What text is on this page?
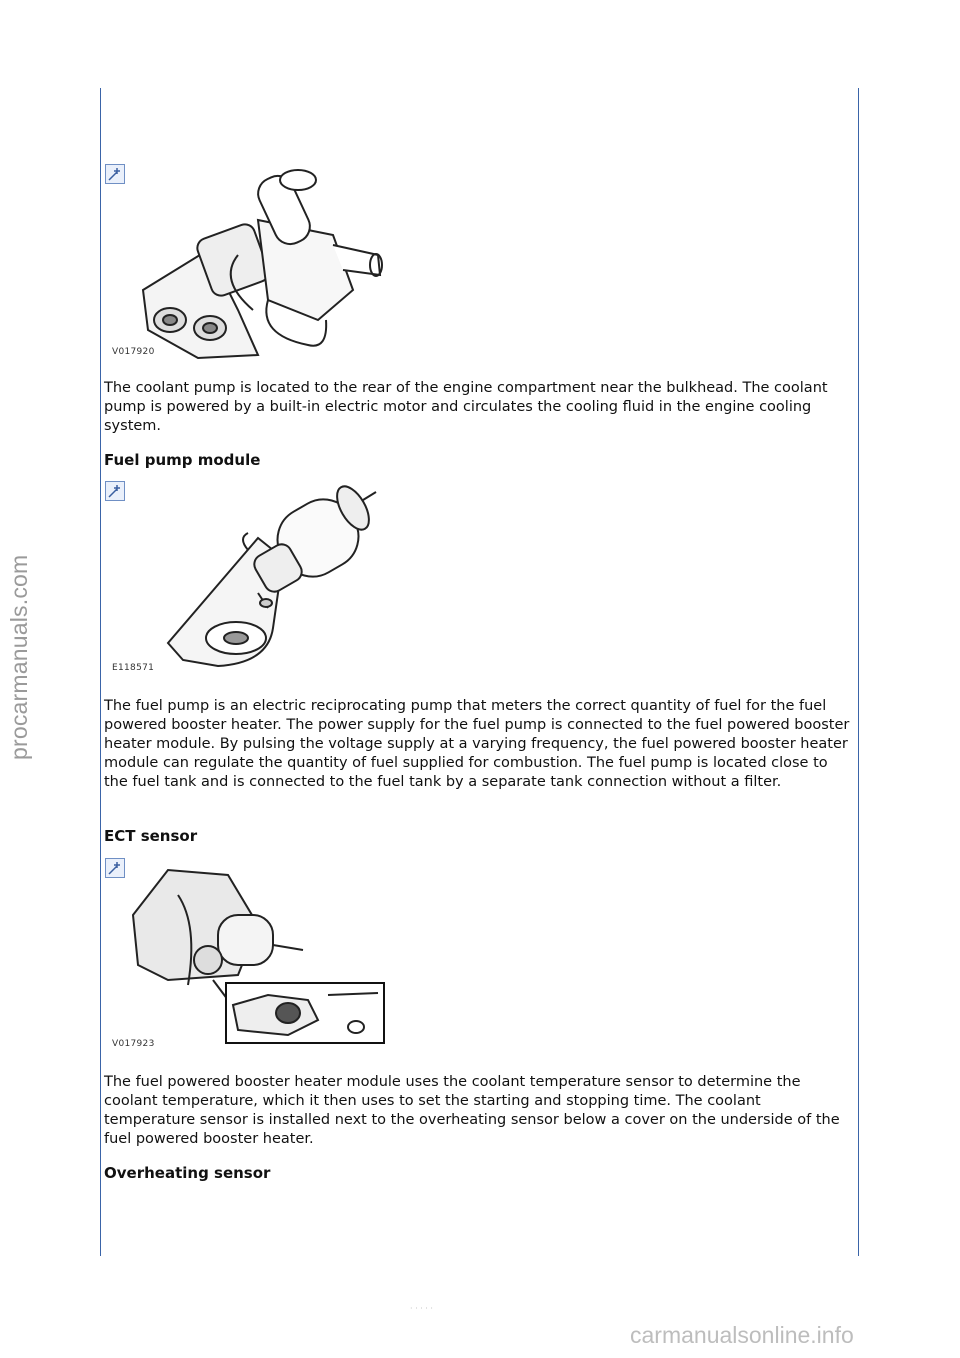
V017920

The coolant pump is located to the rear of the engine compartment near the bulkhead. The coolant pump is powered by a built-in electric motor and circulates the cooling fluid in the engine cooling system.

Fuel pump module
E118571

The fuel pump is an electric reciprocating pump that meters the correct quantity of fuel for the fuel powered booster heater. The power supply for the fuel pump is connected to the fuel powered booster heater module. By pulsing the voltage supply at a varying frequency, the fuel powered booster heater module can regulate the quantity of fuel supplied for combustion. The fuel pump is located close to the fuel tank and is connected to the fuel tank by a separate tank connection without a filter.

ECT sensor
V017923

The fuel powered booster heater module uses the coolant temperature sensor to determine the coolant temperature, which it then uses to set the starting and stopping time. The coolant temperature sensor is installed next to the overheating sensor below a cover on the underside of the fuel powered booster heater.

Overheating sensor
· · · · ·
procarmanuals.com
carmanualsonline.info
